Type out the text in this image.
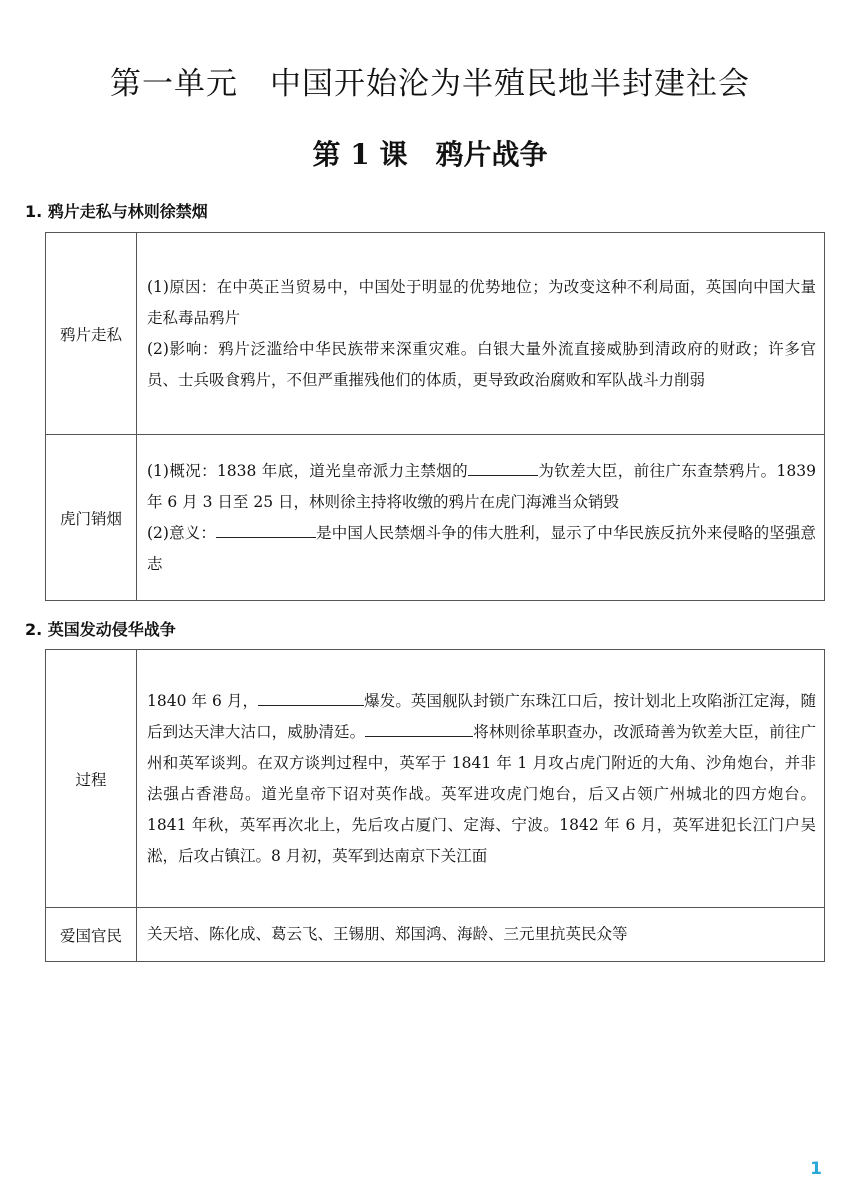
第一单元　中国开始沦为半殖民地半封建社会
第 1 课　鸦片战争
1. 鸦片走私与林则徐禁烟
鸦片走私	(1)原因：在中英正当贸易中，中国处于明显的优势地位；为改变这种不利局面，英国向中国大量走私毒品鸦片
(2)影响：鸦片泛滥给中华民族带来深重灾难。白银大量外流直接威胁到清政府的财政；许多官员、士兵吸食鸦片，不但严重摧残他们的体质，更导致政治腐败和军队战斗力削弱

虎门销烟	(1)概况：1838 年底，道光皇帝派力主禁烟的 为钦差大臣，前往广东查禁鸦片。1839 年 6 月 3 日至 25 日，林则徐主持将收缴的鸦片在虎门海滩当众销毁
(2)意义： 是中国人民禁烟斗争的伟大胜利，显示了中华民族反抗外来侵略的坚强意志
2. 英国发动侵华战争
过程	1840 年 6 月， 爆发。英国舰队封锁广东珠江口后，按计划北上攻陷浙江定海，随后到达天津大沽口，威胁清廷。 将林则徐革职查办，改派琦善为钦差大臣，前往广州和英军谈判。在双方谈判过程中，英军于 1841 年 1 月攻占虎门附近的大角、沙角炮台，并非法强占香港岛。道光皇帝下诏对英作战。英军进攻虎门炮台，后又占领广州城北的四方炮台。1841 年秋，英军再次北上，先后攻占厦门、定海、宁波。1842 年 6 月，英军进犯长江门户吴淞，后攻占镇江。8 月初，英军到达南京下关江面

爱国官民	关天培、陈化成、葛云飞、王锡朋、郑国鸿、海龄、三元里抗英民众等
1
